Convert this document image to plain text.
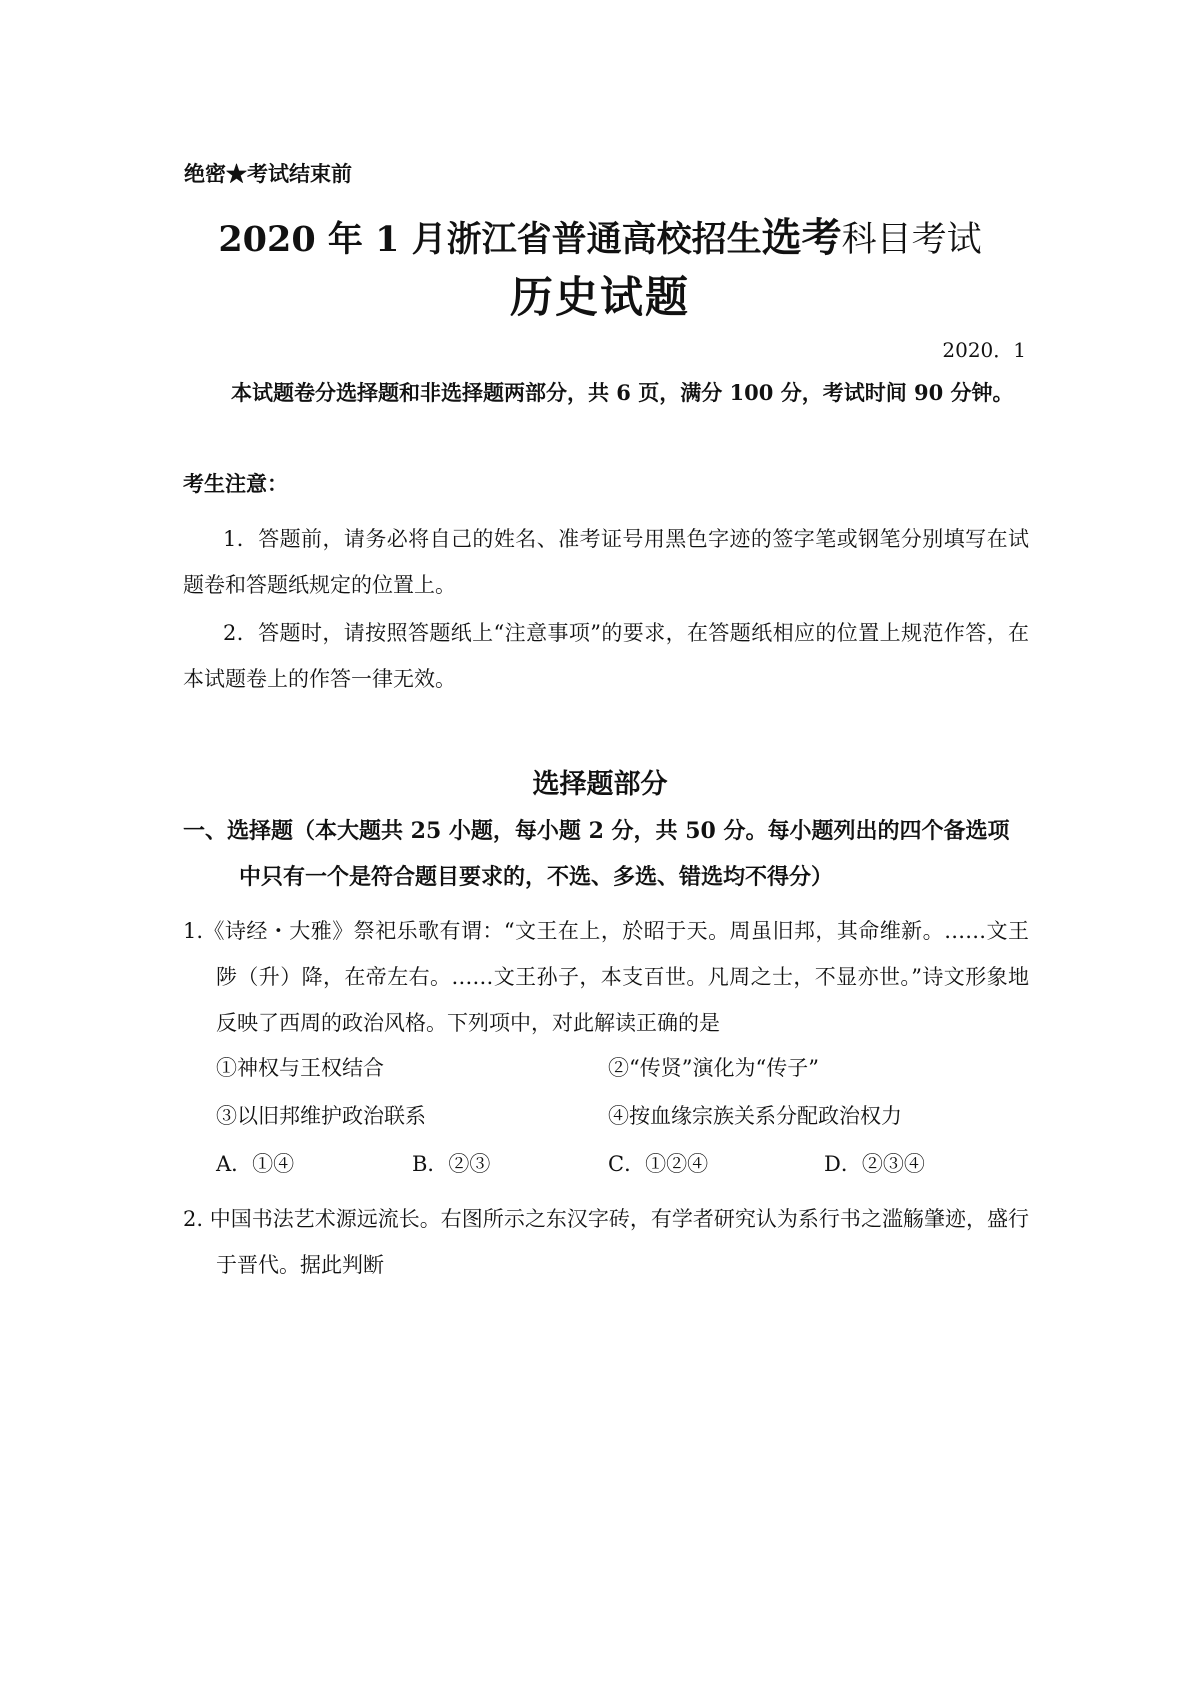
绝密★考试结束前
2020 年 1 月浙江省普通高校招生选考科目考试
历史试题
2020．1
本试题卷分选择题和非选择题两部分，共 6 页，满分 100 分，考试时间 90 分钟。
考生注意：
1．答题前，请务必将自己的姓名、准考证号用黑色字迹的签字笔或钢笔分别填写在试题卷和答题纸规定的位置上。
2．答题时，请按照答题纸上“注意事项”的要求，在答题纸相应的位置上规范作答，在本试题卷上的作答一律无效。
选择题部分
一、选择题（本大题共 25 小题，每小题 2 分，共 50 分。每小题列出的四个备选项中只有一个是符合题目要求的，不选、多选、错选均不得分）
1.《诗经・大雅》祭祀乐歌有谓：“文王在上，於昭于天。周虽旧邦，其命维新。……文王陟（升）降，在帝左右。……文王孙子，本支百世。凡周之士，不显亦世。”诗文形象地反映了西周的政治风格。下列项中，对此解读正确的是
①神权与王权结合	②“传贤”演化为“传子”
③以旧邦维护政治联系	④按血缘宗族关系分配政治权力
A．①④	B．②③	C．①②④	D．②③④
2. 中国书法艺术源远流长。右图所示之东汉字砖，有学者研究认为系行书之滥觞肇迹，盛行于晋代。据此判断
